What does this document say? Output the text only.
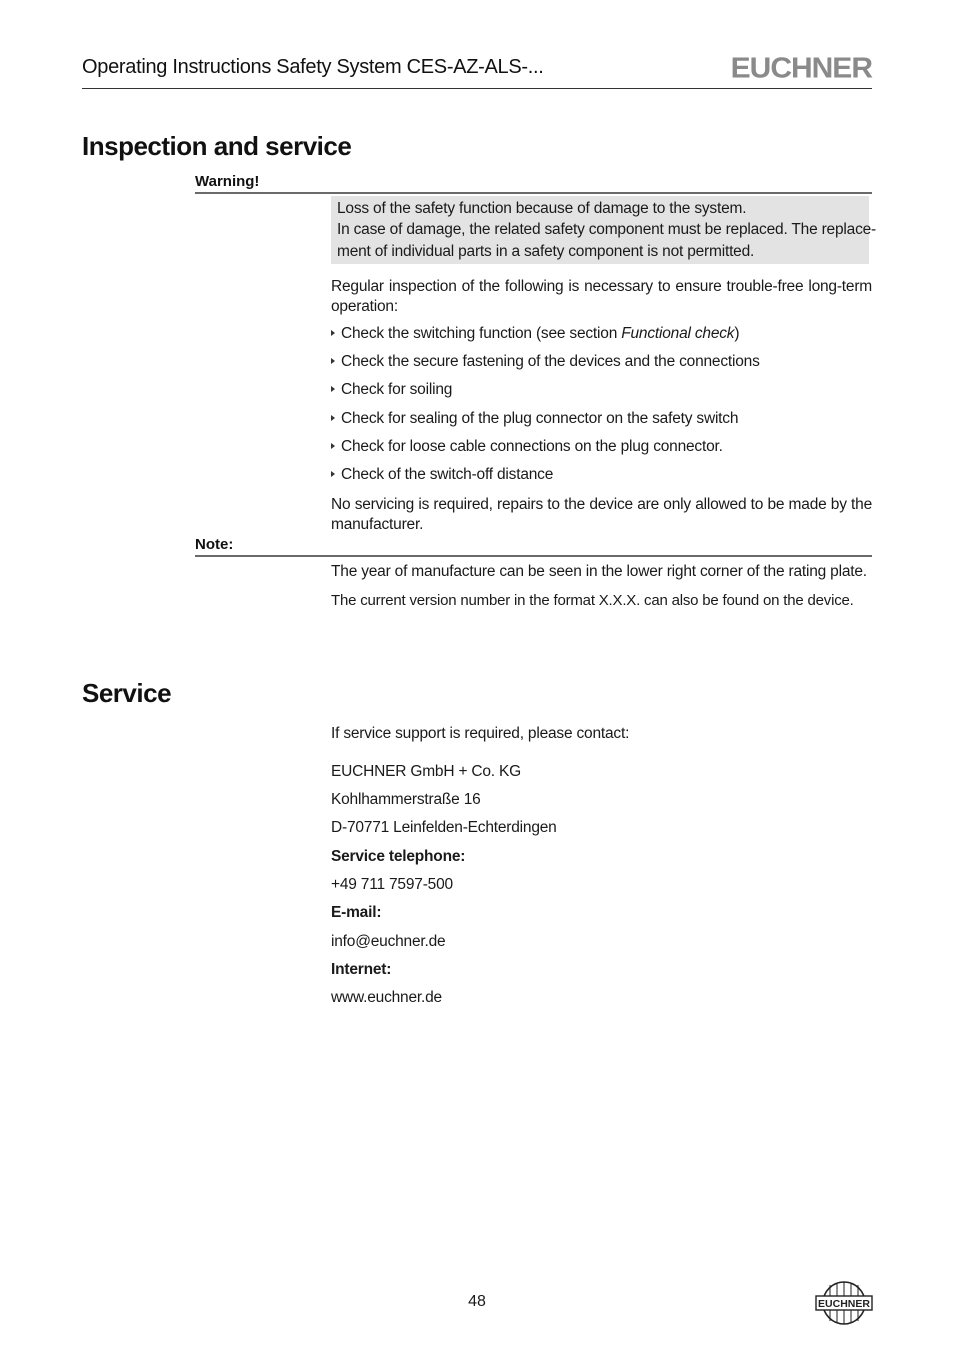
Operating Instructions Safety System CES-AZ-ALS-...	EUCHNER
Inspection and service
Warning!
Loss of the safety function because of damage to the system.
In case of damage, the related safety component must be replaced. The replace-
ment of individual parts in a safety component is not permitted.
Regular inspection of the following is necessary to ensure trouble-free long-term operation:
Check the switching function (see section Functional check)
Check the secure fastening of the devices and the connections
Check for soiling
Check for sealing of the plug connector on the safety switch
Check for loose cable connections on the plug connector.
Check of the switch-off distance
No servicing is required, repairs to the device are only allowed to be made by the manufacturer.
Note:
The year of manufacture can be seen in the lower right corner of the rating plate.
The current version number in the format X.X.X. can also be found on the device.
Service
If service support is required, please contact:
EUCHNER GmbH + Co. KG
Kohlhammerstraße 16
D-70771 Leinfelden-Echterdingen
Service telephone:
+49 711 7597-500
E-mail:
info@euchner.de
Internet:
www.euchner.de
48	EUCHNER
